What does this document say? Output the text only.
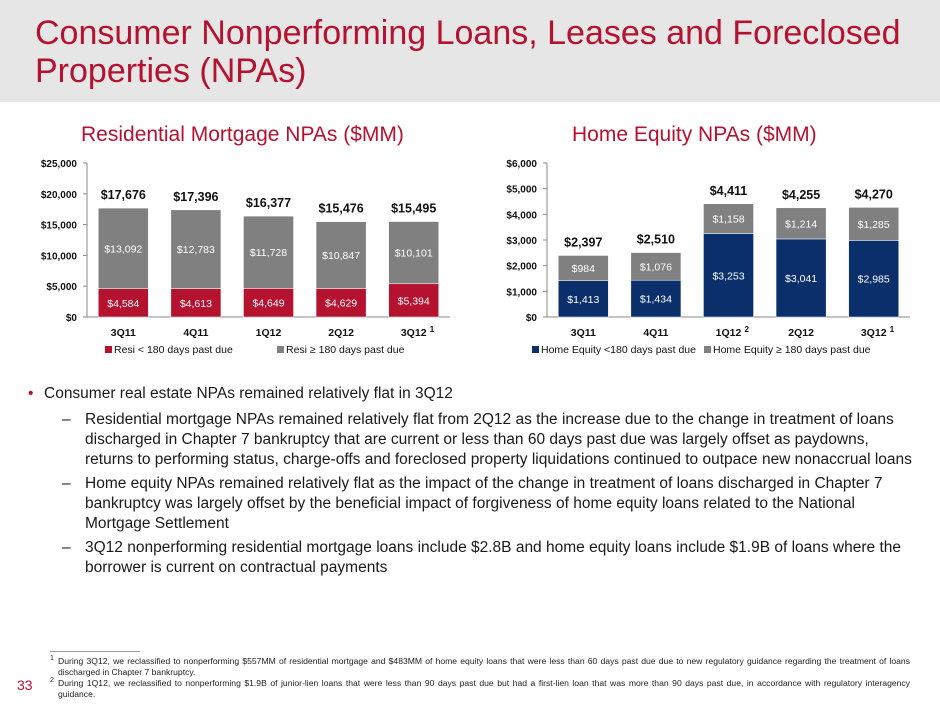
Consumer Nonperforming Loans, Leases and Foreclosed Properties (NPAs)
Residential Mortgage NPAs ($MM)	Home Equity NPAs ($MM)
$0
$5,000
$10,000
$15,000
$20,000
$25,000
$4,584
$13,092
$17,676
3Q11
$4,613
$12,783
$17,396
4Q11
$4,649
$11,728
$16,377
1Q12
$4,629
$10,847
$15,476
2Q12
$5,394
$10,101
$15,495
3Q12 1
Resi < 180 days past due	Resi ≥ 180 days past due
$0
$1,000
$2,000
$3,000
$4,000
$5,000
$6,000
$1,413
$984
$2,397
3Q11
$1,434
$1,076
$2,510
4Q11
$3,253
$1,158
$4,411
1Q12 2
$3,041
$1,214
$4,255
2Q12
$2,985
$1,285
$4,270
3Q12 1
Home Equity <180 days past due Home Equity ≥ 180 days past due
• Consumer real estate NPAs remained relatively flat in 3Q12
– Residential mortgage NPAs remained relatively flat from 2Q12 as the increase due to the change in treatment of loans discharged in Chapter 7 bankruptcy that are current or less than 60 days past due was largely offset as paydowns, returns to performing status, charge-offs and foreclosed property liquidations continued to outpace new nonaccrual loans
– Home equity NPAs remained relatively flat as the impact of the change in treatment of loans discharged in Chapter 7 bankruptcy was largely offset by the beneficial impact of forgiveness of home equity loans related to the National Mortgage Settlement
– 3Q12 nonperforming residential mortgage loans include $2.8B and home equity loans include $1.9B of loans where the borrower is current on contractual payments
1 During 3Q12, we reclassified to nonperforming $557MM of residential mortgage and $483MM of home equity loans that were less than 60 days past due due to new regulatory guidance regarding the treatment of loans discharged in Chapter 7 bankruptcy.
2 During 1Q12, we reclassified to nonperforming $1.9B of junior-lien loans that were less than 90 days past due but had a first-lien loan that was more than 90 days past due, in accordance with regulatory interagency guidance.
33
